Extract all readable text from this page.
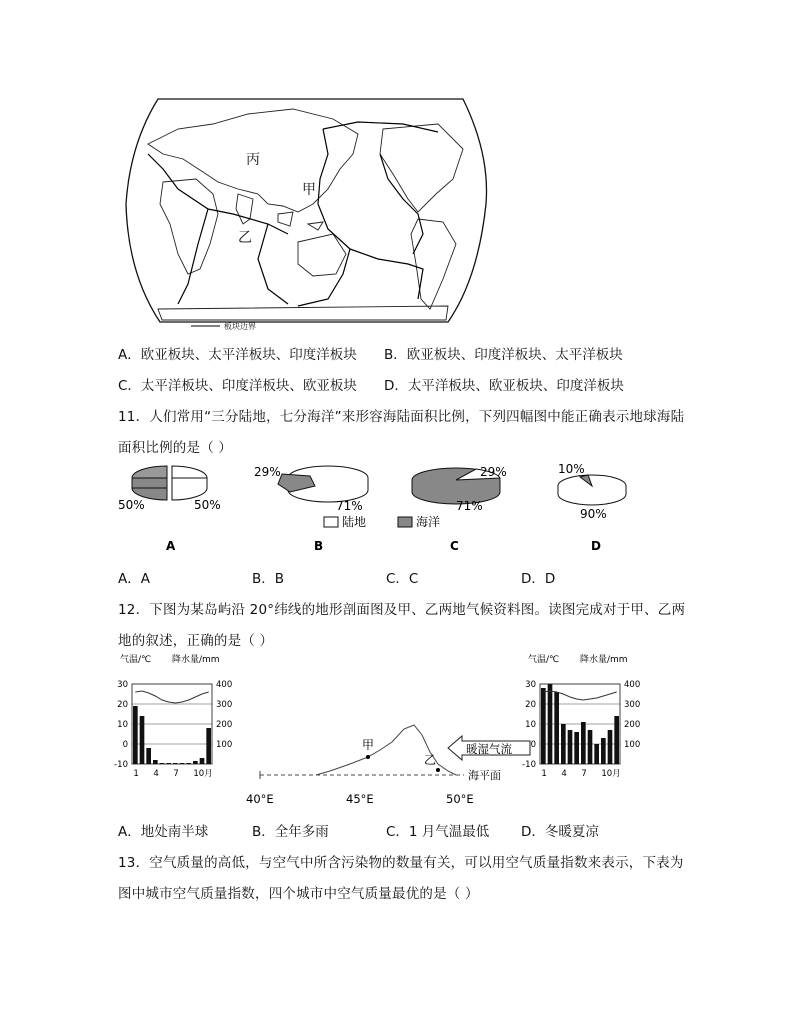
丙
甲
乙
板块边界
A．欧亚板块、太平洋板块、印度洋板块 B．欧亚板块、印度洋板块、太平洋板块
C．太平洋板块、印度洋板块、欧亚板块 D．太平洋板块、欧亚板块、印度洋板块
11．人们常用“三分陆地，七分海洋”来形容海陆面积比例，下列四幅图中能正确表示地球海陆
面积比例的是（ ）
50%	50%
A
29%
71%
B
29%
71%
C
10%
90%
D
陆地	海洋
A．A	B．B	C．C	D．D
12．下图为某岛屿沿 20°纬线的地形剖面图及甲、乙两地气候资料图。读图完成对于甲、乙两
地的叙述，正确的是（ ）
气温/℃ 降水量/mm
30
20
10
0
-10
400
300
200
100
1 4 7 10月
气温/℃ 降水量/mm
30
20
10
0
-10
400
300
200
100
1 4 7 10月
甲
乙
暖湿气流
海平面
40°E	45°E	50°E
A．地处南半球	B．全年多雨	C．1 月气温最低 D．冬暖夏凉
13．空气质量的高低，与空气中所含污染物的数量有关，可以用空气质量指数来表示，下表为
图中城市空气质量指数，四个城市中空气质量最优的是（ ）
